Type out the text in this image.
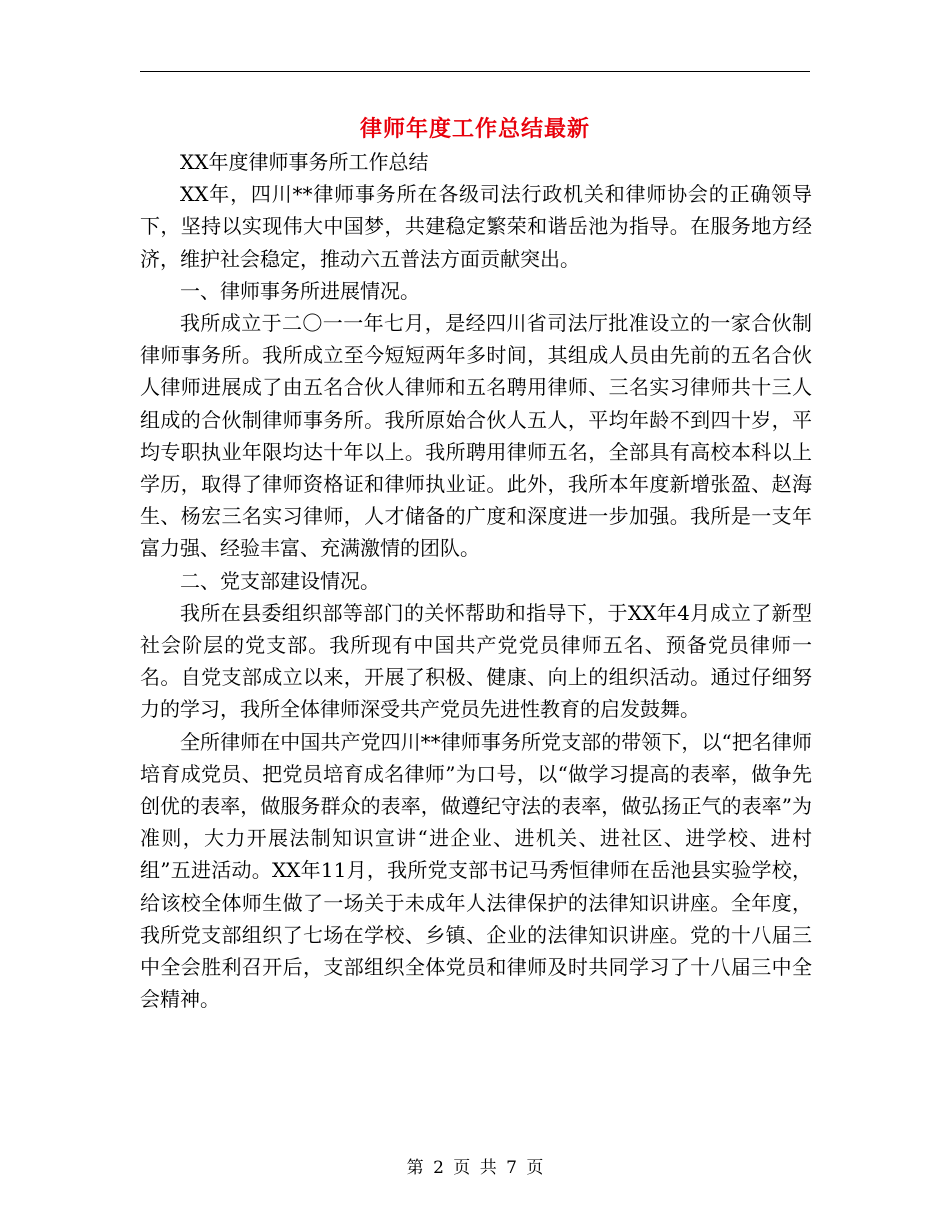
律师年度工作总结最新

XX年度律师事务所工作总结

XX年，四川**律师事务所在各级司法行政机关和律师协会的正确领导下，坚持以实现伟大中国梦，共建稳定繁荣和谐岳池为指导。在服务地方经济，维护社会稳定，推动六五普法方面贡献突出。

一、律师事务所进展情况。

我所成立于二〇一一年七月，是经四川省司法厅批准设立的一家合伙制律师事务所。我所成立至今短短两年多时间，其组成人员由先前的五名合伙人律师进展成了由五名合伙人律师和五名聘用律师、三名实习律师共十三人组成的合伙制律师事务所。我所原始合伙人五人，平均年龄不到四十岁，平均专职执业年限均达十年以上。我所聘用律师五名，全部具有高校本科以上学历，取得了律师资格证和律师执业证。此外，我所本年度新增张盈、赵海生、杨宏三名实习律师，人才储备的广度和深度进一步加强。我所是一支年富力强、经验丰富、充满激情的团队。

二、党支部建设情况。

我所在县委组织部等部门的关怀帮助和指导下，于XX年4月成立了新型社会阶层的党支部。我所现有中国共产党党员律师五名、预备党员律师一名。自党支部成立以来，开展了积极、健康、向上的组织活动。通过仔细努力的学习，我所全体律师深受共产党员先进性教育的启发鼓舞。

全所律师在中国共产党四川**律师事务所党支部的带领下，以“把名律师培育成党员、把党员培育成名律师”为口号，以“做学习提高的表率，做争先创优的表率，做服务群众的表率，做遵纪守法的表率，做弘扬正气的表率”为准则，大力开展法制知识宣讲“进企业、进机关、进社区、进学校、进村组”五进活动。XX年11月，我所党支部书记马秀恒律师在岳池县实验学校，给该校全体师生做了一场关于未成年人法律保护的法律知识讲座。全年度，我所党支部组织了七场在学校、乡镇、企业的法律知识讲座。党的十八届三中全会胜利召开后，支部组织全体党员和律师及时共同学习了十八届三中全会精神。

第 2 页 共 7 页
